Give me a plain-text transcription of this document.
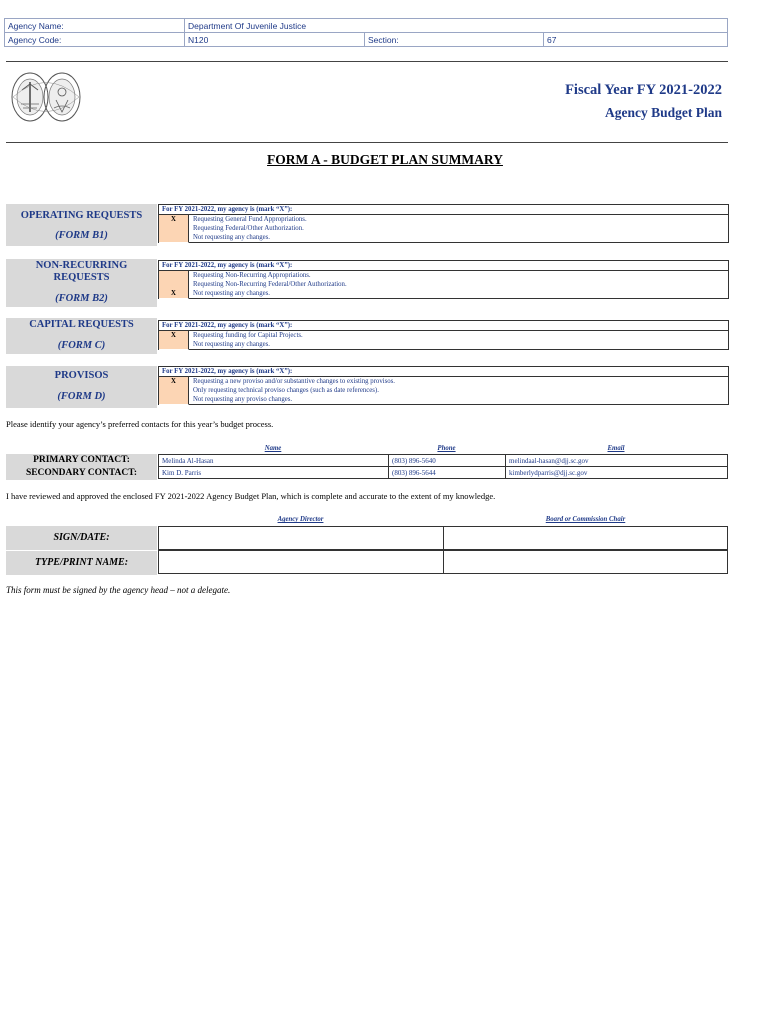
Agency Name:	Department Of Juvenile Justice		
Agency Code:	N120	Section:	67
Fiscal Year FY 2021-2022
Agency Budget Plan
FORM A - BUDGET PLAN SUMMARY
OPERATING REQUESTS
(FORM B1)
For FY 2021-2022, my agency is (mark “X”):
X	Requesting General Fund Appropriations.
Requesting Federal/Other Authorization.
Not requesting any changes.
NON-RECURRING REQUESTS
(FORM B2)
For FY 2021-2022, my agency is (mark “X”):
Requesting Non-Recurring Appropriations.
Requesting Non-Recurring Federal/Other Authorization.
X	Not requesting any changes.
CAPITAL REQUESTS
(FORM C)
For FY 2021-2022, my agency is (mark “X”):
X	Requesting funding for Capital Projects.
Not requesting any changes.
PROVISOS
(FORM D)
For FY 2021-2022, my agency is (mark “X”):
X	Requesting a new proviso and/or substantive changes to existing provisos.
Only requesting technical proviso changes (such as date references).
Not requesting any proviso changes.
Please identify your agency’s preferred contacts for this year’s budget process.
Name	Phone	Email
PRIMARY CONTACT:	Melinda Al-Hasan	(803) 896-5640	melindaal-hasan@djj.sc.gov
SECONDARY CONTACT:	Kim D. Parris	(803) 896-5644	kimberlydparris@djj.sc.gov
I have reviewed and approved the enclosed FY 2021-2022 Agency Budget Plan, which is complete and accurate to the extent of my knowledge.
Agency Director	Board or Commission Chair
SIGN/DATE:
TYPE/PRINT NAME:
This form must be signed by the agency head – not a delegate.
